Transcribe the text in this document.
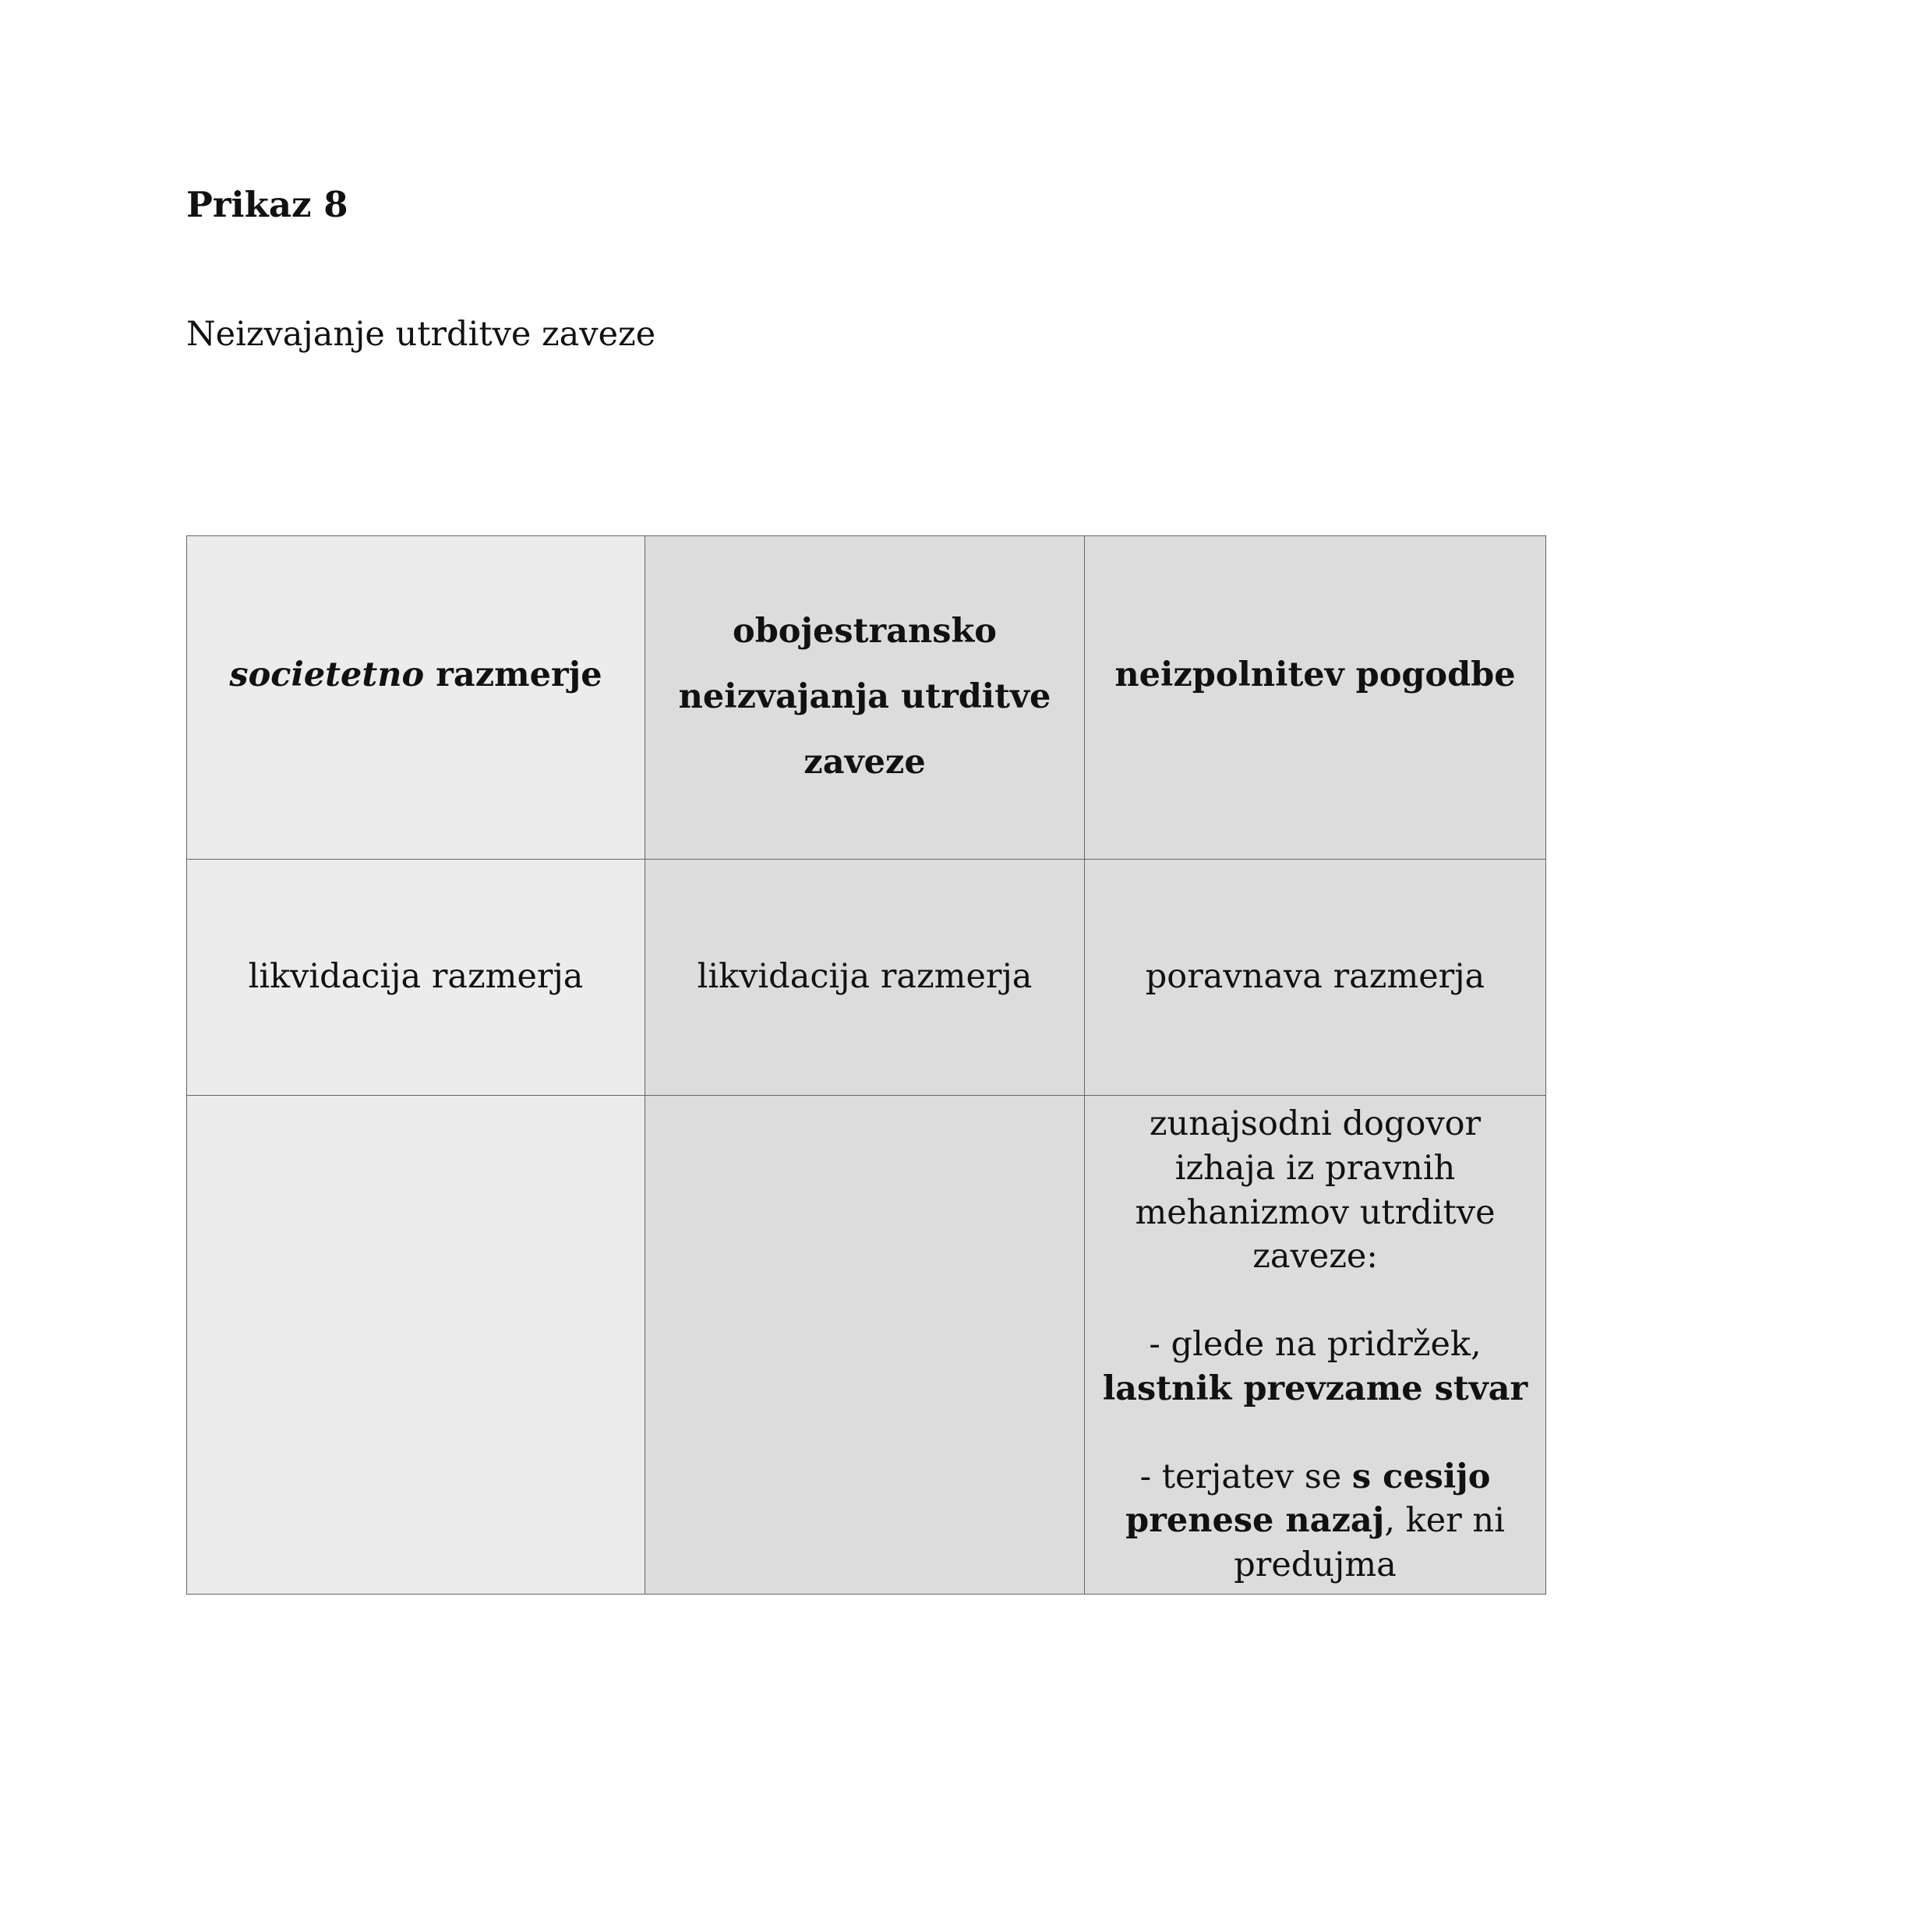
Prikaz 8

Neizvajanje utrditve zaveze

societetno razmerje	obojestransko neizvajanja utrditve zaveze	neizpolnitev pogodbe

likvidacija razmerja	likvidacija razmerja	poravnava razmerja

		zunajsodni dogovor izhaja iz pravnih mehanizmov utrditve zaveze:
- glede na pridržek, lastnik prevzame stvar
- terjatev se s cesijo prenese nazaj, ker ni predujma
